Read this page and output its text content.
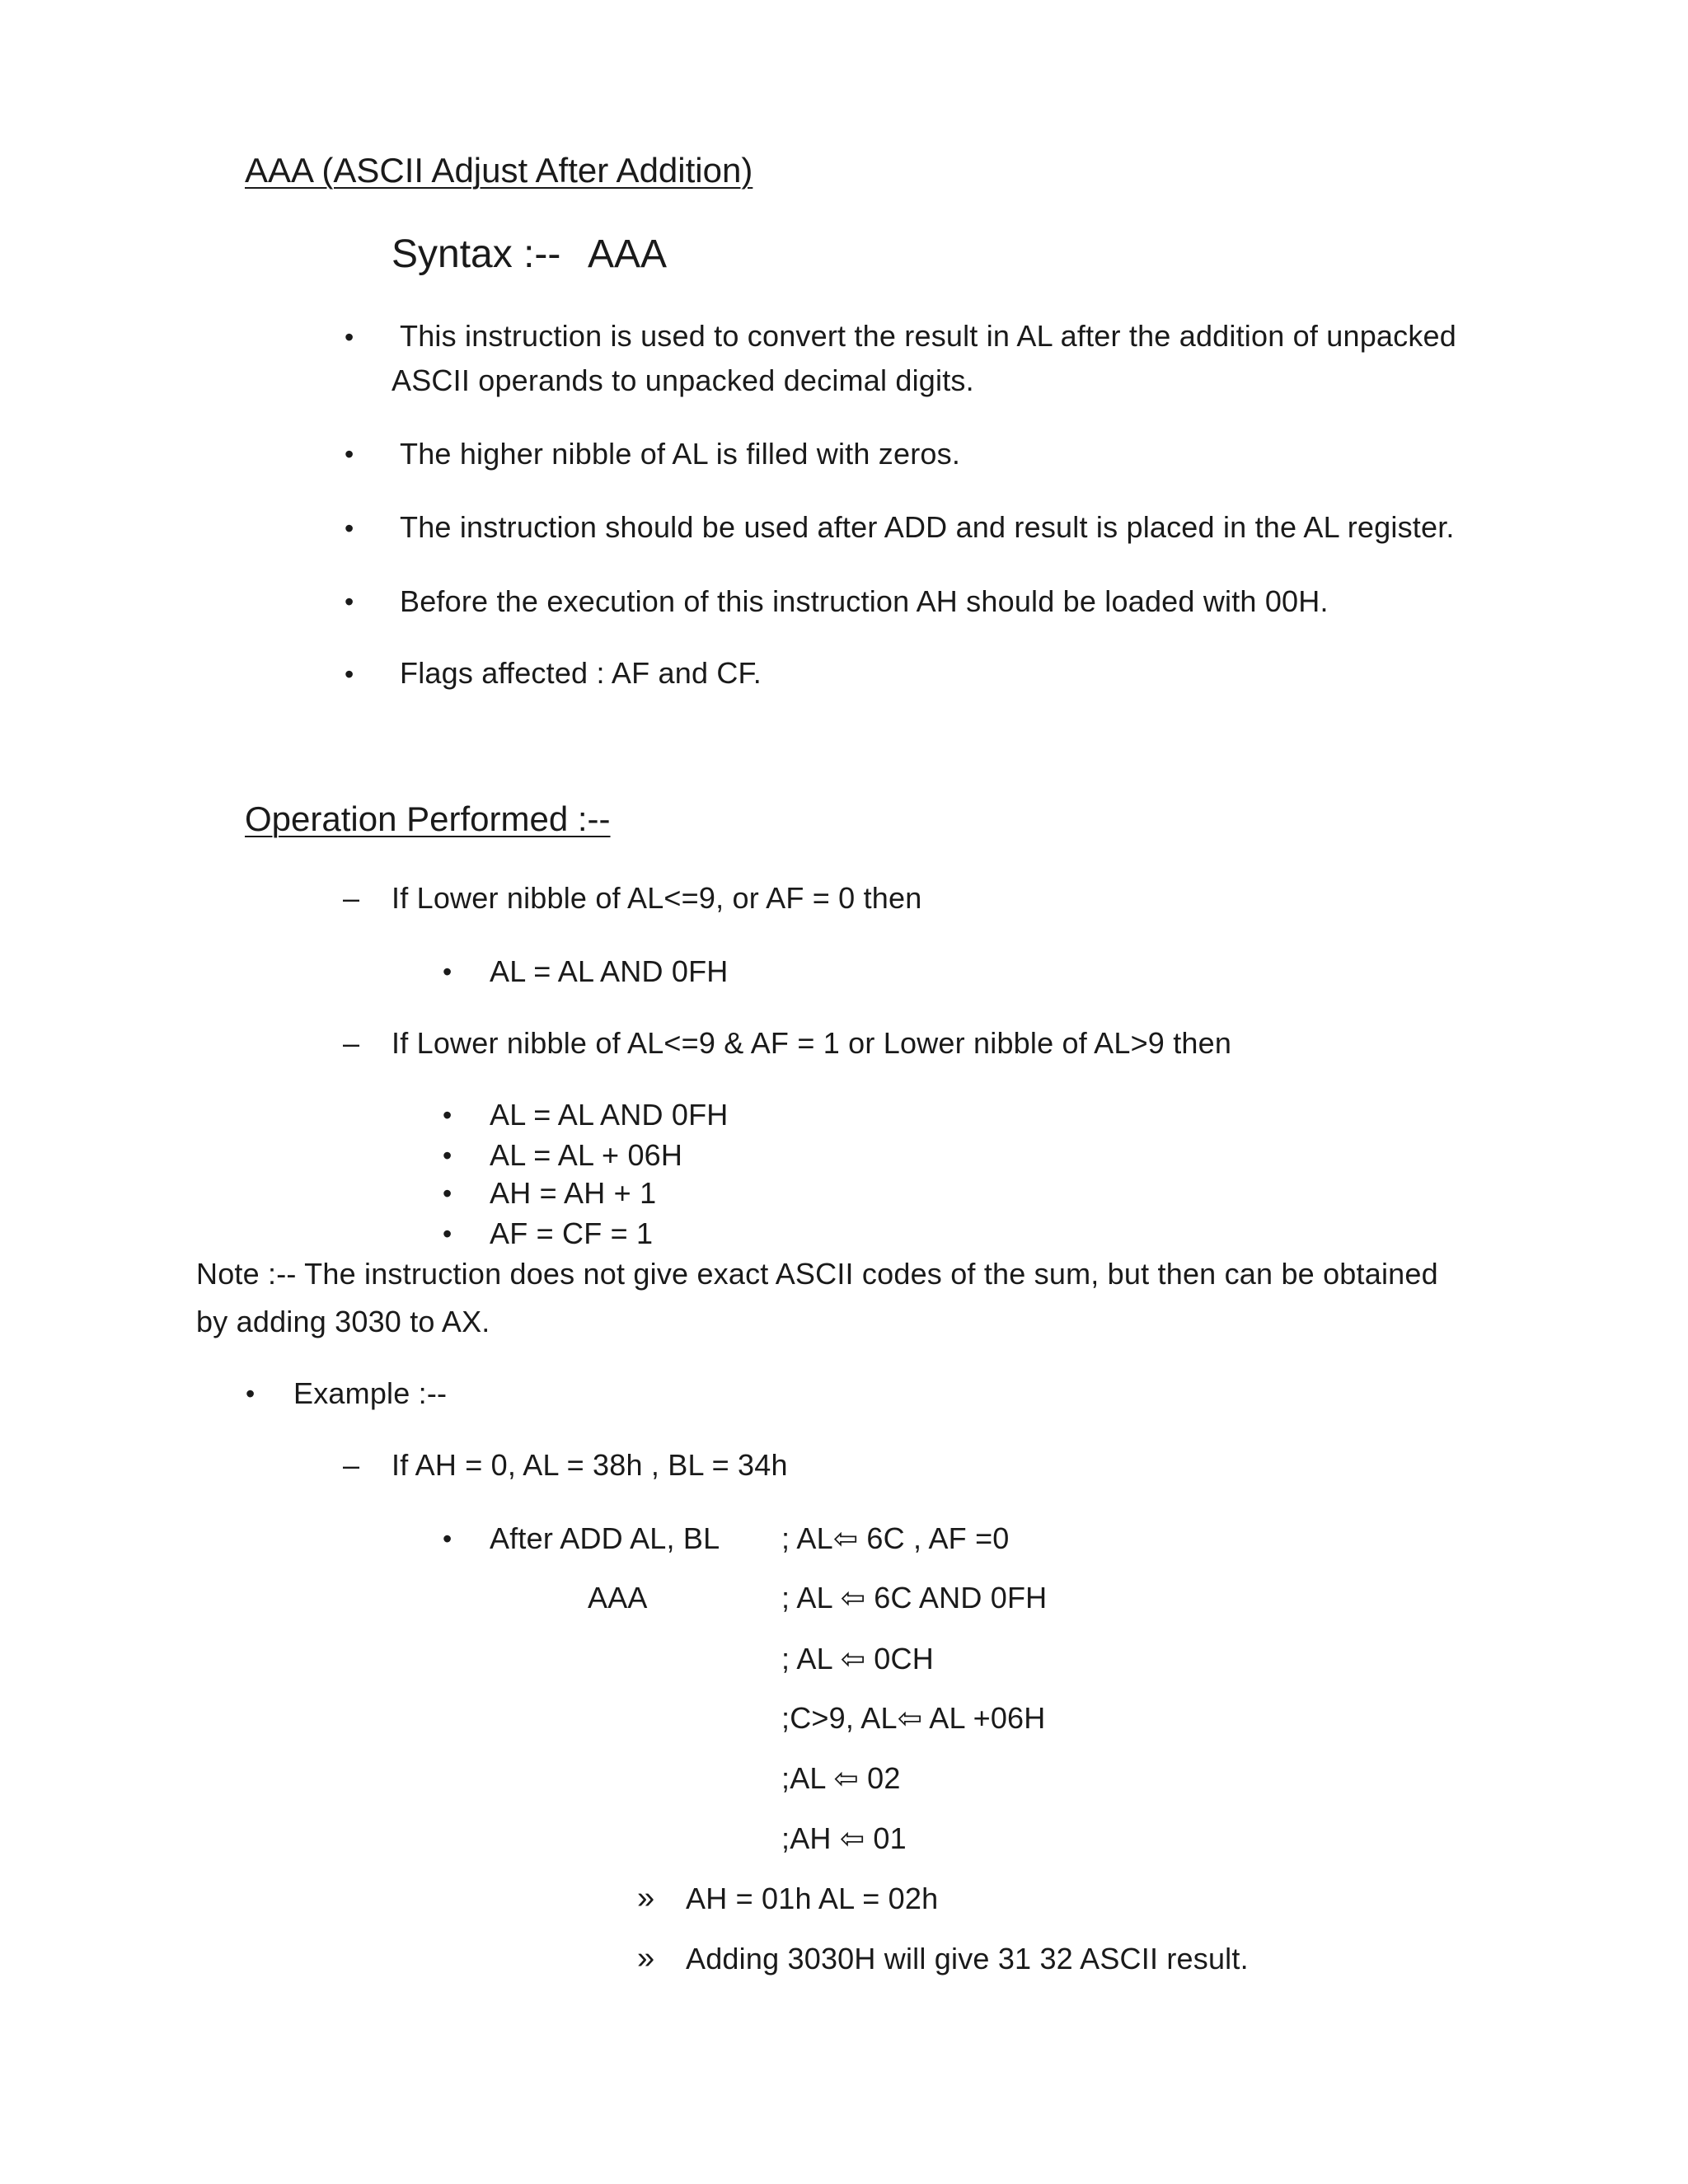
AAA (ASCII Adjust After Addition)
Syntax :-- AAA
• This instruction is used to convert the result in AL after the addition of unpacked
ASCII operands to unpacked decimal digits.
• The higher nibble of AL is filled with zeros.
• The instruction should be used after ADD and result is placed in the AL register.
• Before the execution of this instruction AH should be loaded with 00H.
• Flags affected : AF and CF.
Operation Performed :--
– If Lower nibble of AL<=9, or AF = 0 then
• AL = AL AND 0FH
– If Lower nibble of AL<=9 & AF = 1 or Lower nibble of AL>9 then
• AL = AL AND 0FH
• AL = AL + 06H
• AH = AH + 1
• AF = CF = 1
Note :-- The instruction does not give exact ASCII codes of the sum, but then can be obtained
by adding 3030 to AX.
• Example :--
– If AH = 0, AL = 38h , BL = 34h
• After ADD AL, BL
AAA
; AL⇦ 6C , AF =0
; AL ⇦ 6C AND 0FH
; AL ⇦ 0CH
;C>9, AL⇦ AL +06H
;AL ⇦ 02
;AH ⇦ 01
» AH = 01h AL = 02h
» Adding 3030H will give 31 32 ASCII result.
